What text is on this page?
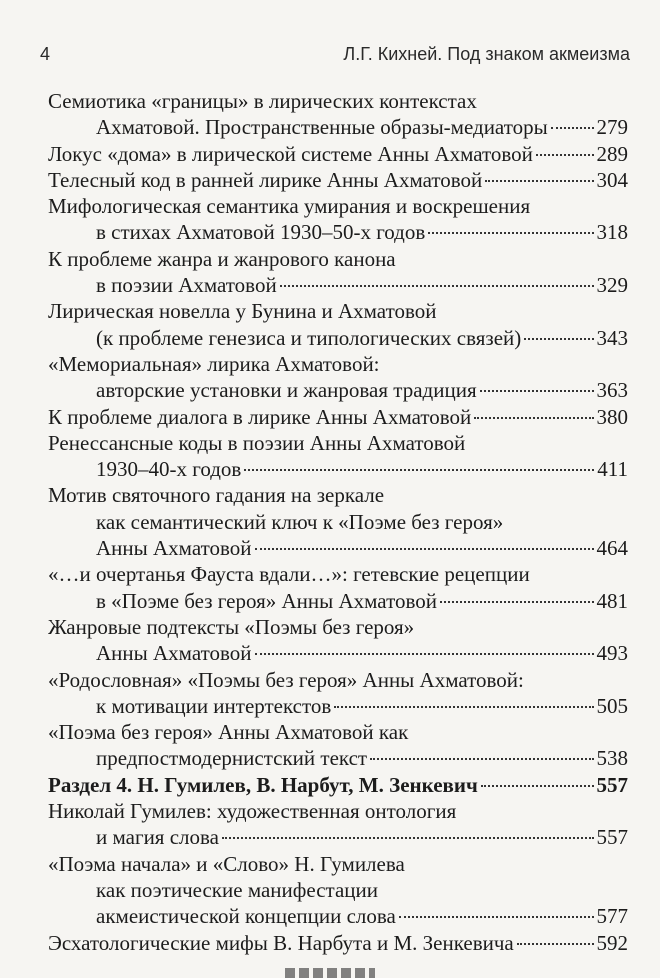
4	Л.Г. Кихней. Под знаком акмеизма
Семиотика «границы» в лирических контекстах
Ахматовой. Пространственные образы-медиаторы 279
Локус «дома» в лирической системе Анны Ахматовой	289
Телесный код в ранней лирике Анны Ахматовой	304
Мифологическая семантика умирания и воскрешения
в стихах Ахматовой 1930–50-х годов	318
К проблеме жанра и жанрового канона
в поэзии Ахматовой	329
Лирическая новелла у Бунина и Ахматовой
(к проблеме генезиса и типологических связей)	343
«Мемориальная» лирика Ахматовой:
авторские установки и жанровая традиция	363
К проблеме диалога в лирике Анны Ахматовой	380
Ренессансные коды в поэзии Анны Ахматовой
1930–40-х годов	411
Мотив святочного гадания на зеркале
как семантический ключ к «Поэме без героя»
Анны Ахматовой	464
«…и очертанья Фауста вдали…»: гетевские рецепции
в «Поэме без героя» Анны Ахматовой	481
Жанровые подтексты «Поэмы без героя»
Анны Ахматовой	493
«Родословная» «Поэмы без героя» Анны Ахматовой:
к мотивации интертекстов	505
«Поэма без героя» Анны Ахматовой как
предпостмодернистский текст	538
Раздел 4. Н. Гумилев, В. Нарбут, М. Зенкевич	557
Николай Гумилев: художественная онтология
и магия слова	557
«Поэма начала» и «Слово» Н. Гумилева
как поэтические манифестации
акмеистической концепции слова	577
Эсхатологические мифы В. Нарбута и М. Зенкевича	592
